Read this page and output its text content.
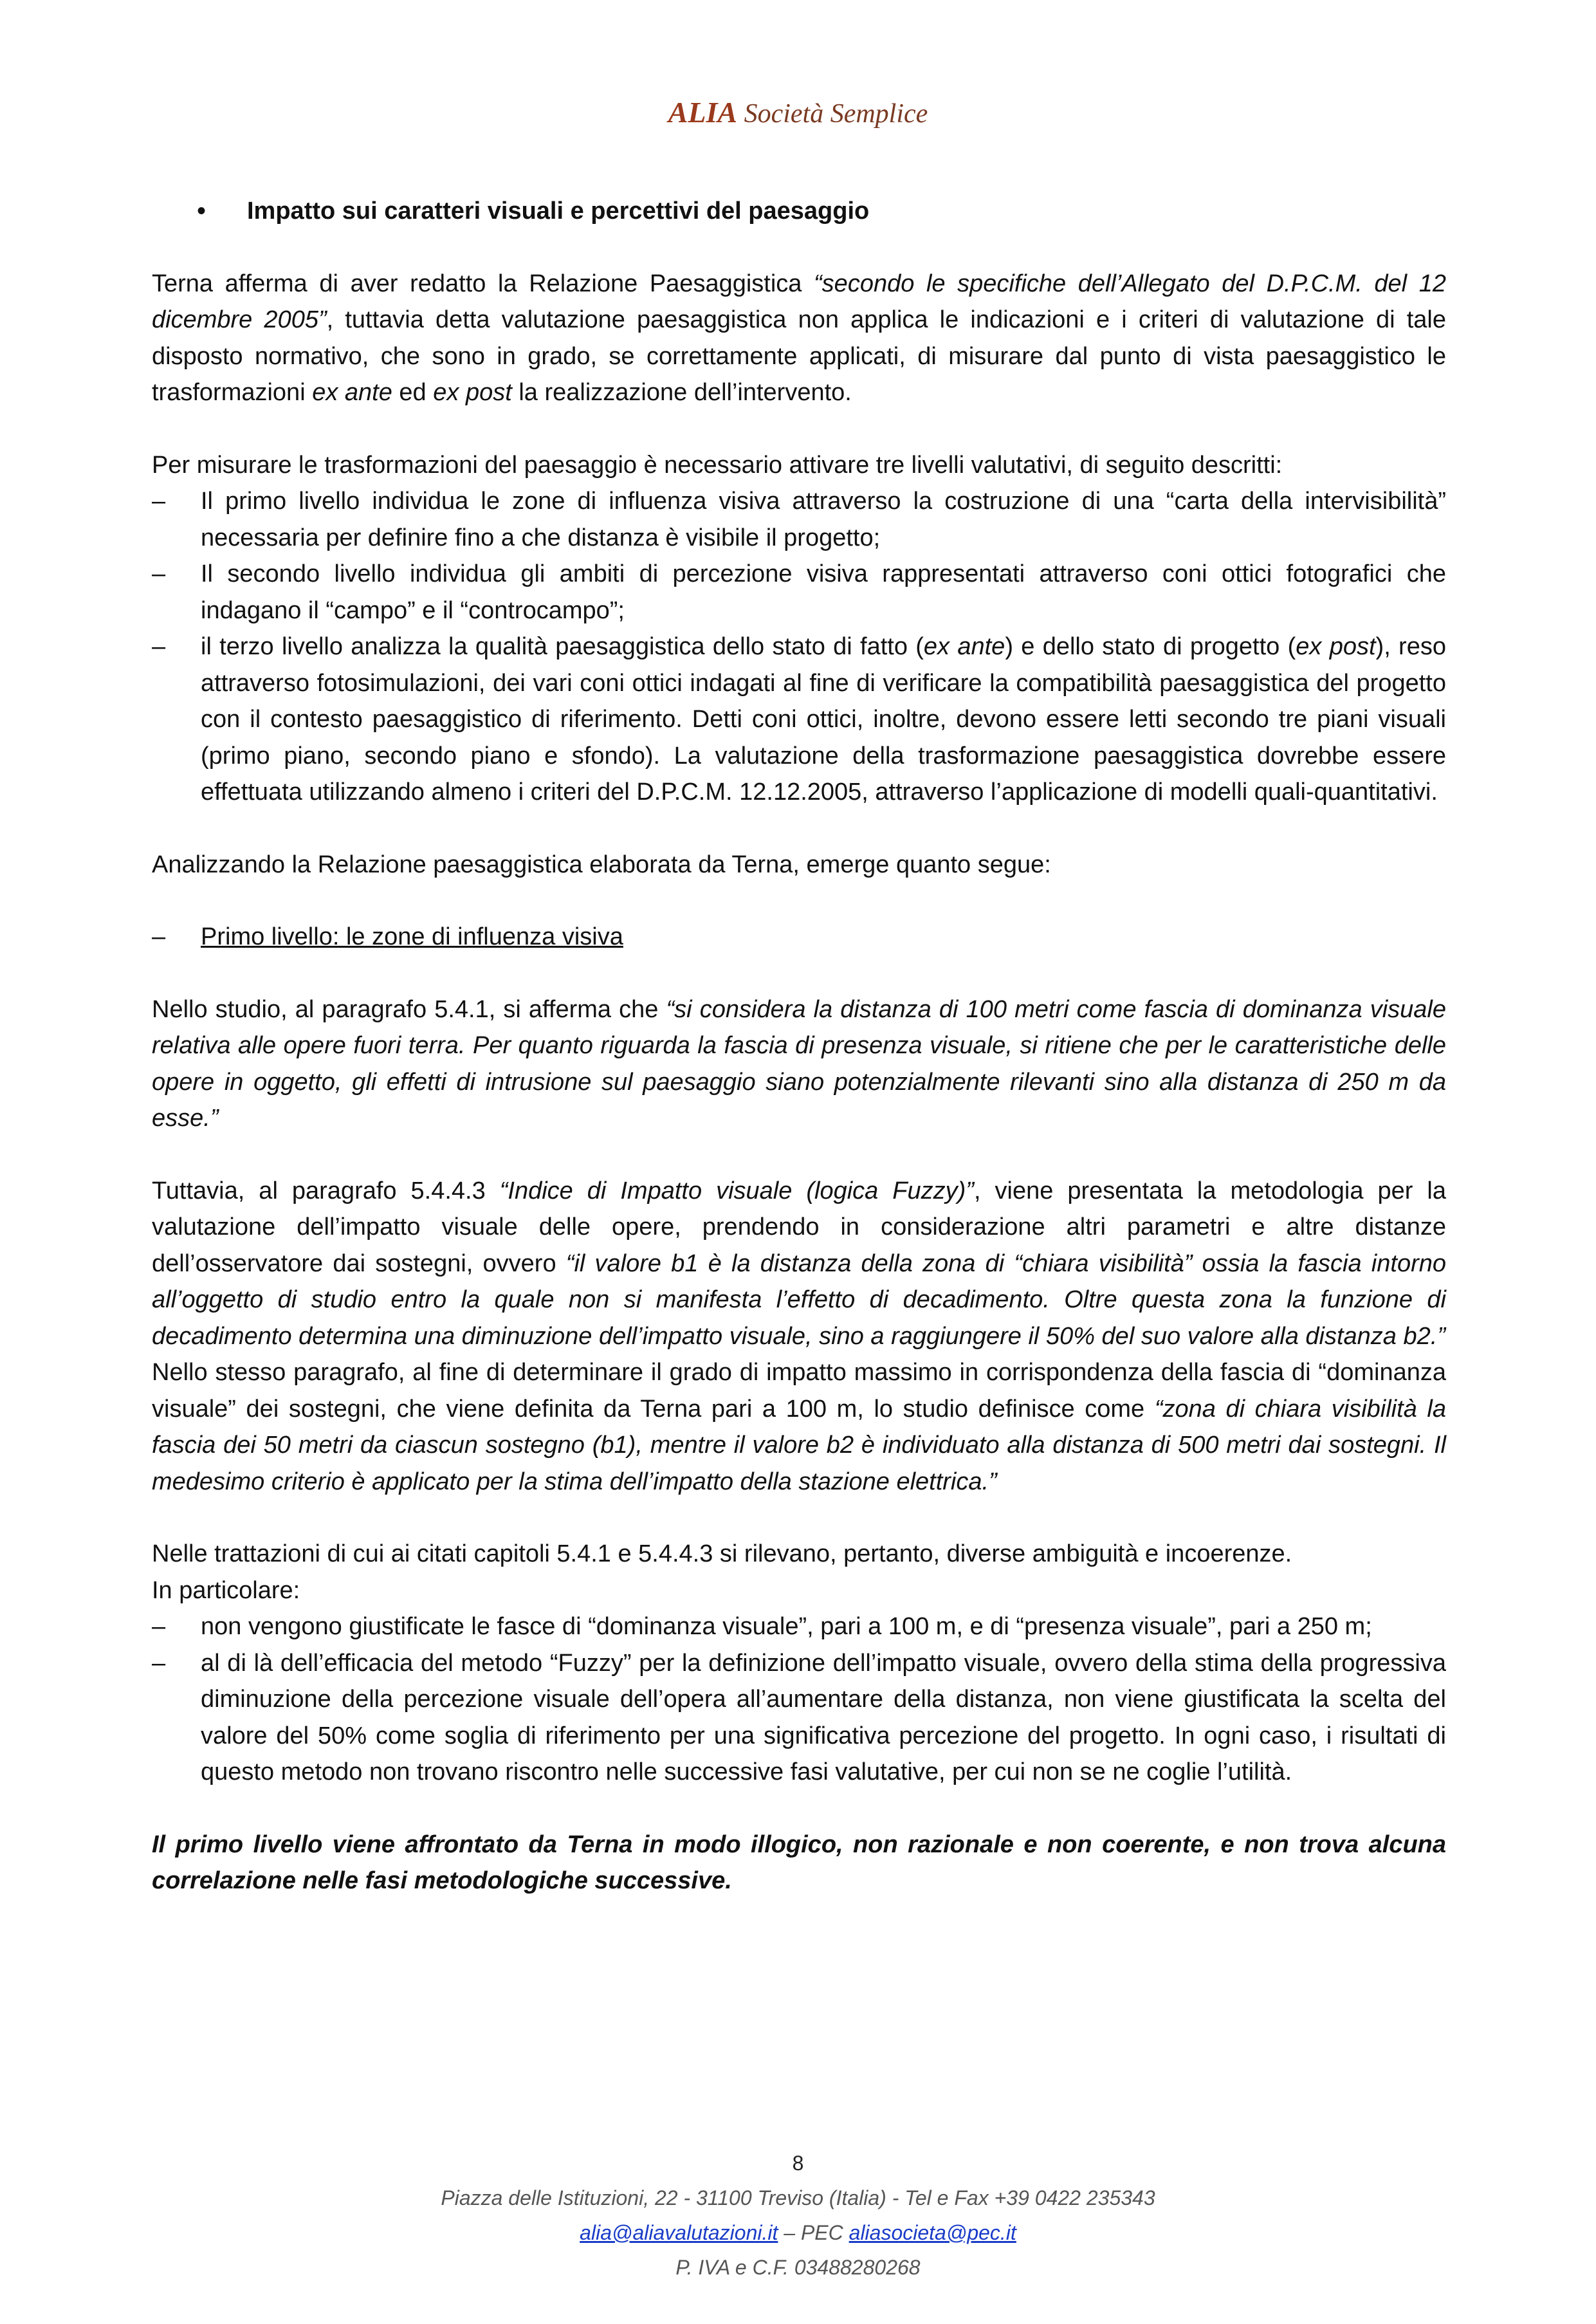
ALIA Società Semplice
• Impatto sui caratteri visuali e percettivi del paesaggio

Terna afferma di aver redatto la Relazione Paesaggistica “secondo le specifiche dell’Allegato del D.P.C.M. del 12 dicembre 2005”, tuttavia detta valutazione paesaggistica non applica le indicazioni e i criteri di valutazione di tale disposto normativo, che sono in grado, se correttamente applicati, di misurare dal punto di vista paesaggistico le trasformazioni ex ante ed ex post la realizzazione dell’intervento.

Per misurare le trasformazioni del paesaggio è necessario attivare tre livelli valutativi, di seguito descritti:

–	Il primo livello individua le zone di influenza visiva attraverso la costruzione di una “carta della intervisibilità” necessaria per definire fino a che distanza è visibile il progetto;
–	Il secondo livello individua gli ambiti di percezione visiva rappresentati attraverso coni ottici fotografici che indagano il “campo” e il “controcampo”;
–	il terzo livello analizza la qualità paesaggistica dello stato di fatto (ex ante) e dello stato di progetto (ex post), reso attraverso fotosimulazioni, dei vari coni ottici indagati al fine di verificare la compatibilità paesaggistica del progetto con il contesto paesaggistico di riferimento. Detti coni ottici, inoltre, devono essere letti secondo tre piani visuali (primo piano, secondo piano e sfondo). La valutazione della trasformazione paesaggistica dovrebbe essere effettuata utilizzando almeno i criteri del D.P.C.M. 12.12.2005, attraverso l’applicazione di modelli quali-quantitativi.

Analizzando la Relazione paesaggistica elaborata da Terna, emerge quanto segue:

–	Primo livello: le zone di influenza visiva

Nello studio, al paragrafo 5.4.1, si afferma che “si considera la distanza di 100 metri come fascia di dominanza visuale relativa alle opere fuori terra. Per quanto riguarda la fascia di presenza visuale, si ritiene che per le caratteristiche delle opere in oggetto, gli effetti di intrusione sul paesaggio siano potenzialmente rilevanti sino alla distanza di 250 m da esse.”

Tuttavia, al paragrafo 5.4.4.3 “Indice di Impatto visuale (logica Fuzzy)”, viene presentata la metodologia per la valutazione dell’impatto visuale delle opere, prendendo in considerazione altri parametri e altre distanze dell’osservatore dai sostegni, ovvero “il valore b1 è la distanza della zona di “chiara visibilità” ossia la fascia intorno all’oggetto di studio entro la quale non si manifesta l’effetto di decadimento. Oltre questa zona la funzione di decadimento determina una diminuzione dell’impatto visuale, sino a raggiungere il 50% del suo valore alla distanza b2.”

Nello stesso paragrafo, al fine di determinare il grado di impatto massimo in corrispondenza della fascia di “dominanza visuale” dei sostegni, che viene definita da Terna pari a 100 m, lo studio definisce come “zona di chiara visibilità la fascia dei 50 metri da ciascun sostegno (b1), mentre il valore b2 è individuato alla distanza di 500 metri dai sostegni. Il medesimo criterio è applicato per la stima dell’impatto della stazione elettrica.”

Nelle trattazioni di cui ai citati capitoli 5.4.1 e 5.4.4.3 si rilevano, pertanto, diverse ambiguità e incoerenze.

In particolare:

–	non vengono giustificate le fasce di “dominanza visuale”, pari a 100 m, e di “presenza visuale”, pari a 250 m;
–	al di là dell’efficacia del metodo “Fuzzy” per la definizione dell’impatto visuale, ovvero della stima della progressiva diminuzione della percezione visuale dell’opera all’aumentare della distanza, non viene giustificata la scelta del valore del 50% come soglia di riferimento per una significativa percezione del progetto. In ogni caso, i risultati di questo metodo non trovano riscontro nelle successive fasi valutative, per cui non se ne coglie l’utilità.

Il primo livello viene affrontato da Terna in modo illogico, non razionale e non coerente, e non trova alcuna correlazione nelle fasi metodologiche successive.

8
Piazza delle Istituzioni, 22 - 31100 Treviso (Italia) - Tel e Fax +39 0422 235343
alia@aliavalutazioni.it – PEC aliasocieta@pec.it
P. IVA e C.F. 03488280268
